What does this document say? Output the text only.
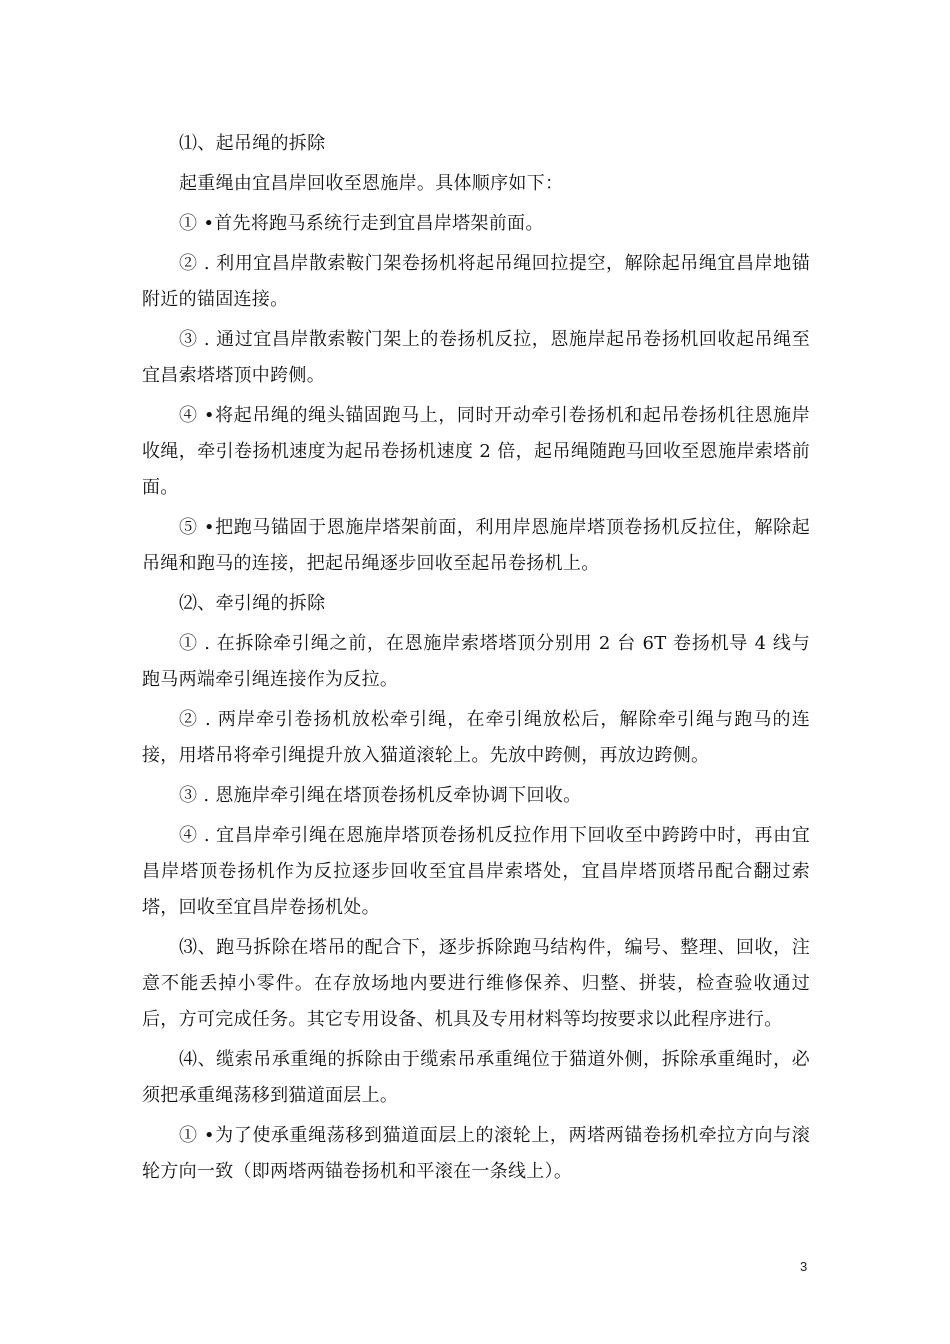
⑴、起吊绳的拆除

起重绳由宜昌岸回收至恩施岸。具体顺序如下：

① •首先将跑马系统行走到宜昌岸塔架前面。

② . 利用宜昌岸散索鞍门架卷扬机将起吊绳回拉提空，解除起吊绳宜昌岸地锚附近的锚固连接。

③ . 通过宜昌岸散索鞍门架上的卷扬机反拉，恩施岸起吊卷扬机回收起吊绳至宜昌索塔塔顶中跨侧。

④ •将起吊绳的绳头锚固跑马上，同时开动牵引卷扬机和起吊卷扬机往恩施岸收绳，牵引卷扬机速度为起吊卷扬机速度 2 倍，起吊绳随跑马回收至恩施岸索塔前面。

⑤ •把跑马锚固于恩施岸塔架前面，利用岸恩施岸塔顶卷扬机反拉住，解除起吊绳和跑马的连接，把起吊绳逐步回收至起吊卷扬机上。

⑵、牵引绳的拆除

① . 在拆除牵引绳之前，在恩施岸索塔塔顶分别用 2 台 6T 卷扬机导 4 线与跑马两端牵引绳连接作为反拉。

② . 两岸牵引卷扬机放松牵引绳，在牵引绳放松后，解除牵引绳与跑马的连接，用塔吊将牵引绳提升放入猫道滚轮上。先放中跨侧，再放边跨侧。

③ . 恩施岸牵引绳在塔顶卷扬机反牵协调下回收。

④ . 宜昌岸牵引绳在恩施岸塔顶卷扬机反拉作用下回收至中跨跨中时，再由宜昌岸塔顶卷扬机作为反拉逐步回收至宜昌岸索塔处，宜昌岸塔顶塔吊配合翻过索塔，回收至宜昌岸卷扬机处。

⑶、跑马拆除在塔吊的配合下，逐步拆除跑马结构件，编号、整理、回收，注意不能丢掉小零件。在存放场地内要进行维修保养、归整、拼装，检查验收通过后，方可完成任务。其它专用设备、机具及专用材料等均按要求以此程序进行。

⑷、缆索吊承重绳的拆除由于缆索吊承重绳位于猫道外侧，拆除承重绳时，必须把承重绳荡移到猫道面层上。

① •为了使承重绳荡移到猫道面层上的滚轮上，两塔两锚卷扬机牵拉方向与滚轮方向一致（即两塔两锚卷扬机和平滚在一条线上）。

3
